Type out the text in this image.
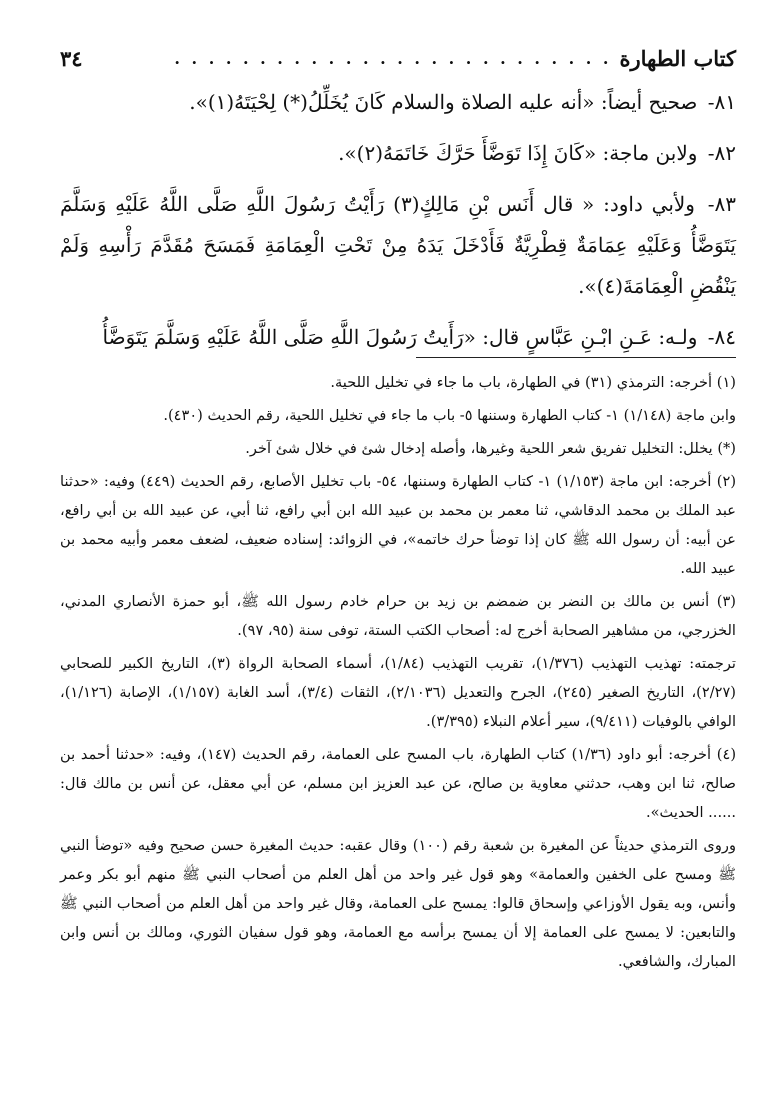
كتاب الطهارة
. . . . . . . . . . . . . . . . . . . . . . . . . .
٣٤

٨١- صحيح أيضاً: «أنه عليه الصلاة والسلام كَانَ يُخَلِّلُ(*) لِحْيَتَهُ(١)».

٨٢- ولابن ماجة: «كَانَ إِذَا تَوَضَّأَ حَرَّكَ خَاتَمَهُ(٢)».

٨٣- ولأبي داود: « قال أَنَس بْنِ مَالِكٍ(٣) رَأَيْتُ رَسُولَ اللَّهِ صَلَّى اللَّهُ عَلَيْهِ وَسَلَّمَ يَتَوَضَّأُ وَعَلَيْهِ عِمَامَةٌ قِطْرِيَّةٌ فَأَدْخَلَ يَدَهُ مِنْ تَحْتِ الْعِمَامَةِ فَمَسَحَ مُقَدَّمَ رَأْسِهِ وَلَمْ يَنْقُضِ الْعِمَامَةَ(٤)».

٨٤- ولـه: عَـنِ ابْـنِ عَبَّاسٍ قال: «رَأَيتُ رَسُولَ اللَّهِ صَلَّى اللَّهُ عَلَيْهِ وَسَلَّمَ يَتَوَضَّأُ

(١) أخرجه: الترمذي (٣١) في الطهارة، باب ما جاء في تخليل اللحية.

وابن ماجة (١/١٤٨) ١- كتاب الطهارة وسننها ٥- باب ما جاء في تخليل اللحية، رقم الحديث (٤٣٠).

(*) يخلل: التخليل تفريق شعر اللحية وغيرها، وأصله إدخال شئ في خلال شئ آخر.

(٢) أخرجه: ابن ماجة (١/١٥٣) ١- كتاب الطهارة وسننها، ٥٤- باب تخليل الأصابع، رقم الحديث (٤٤٩) وفيه: «حدثنا عبد الملك بن محمد الدقاشي، ثنا معمر بن محمد بن عبيد الله ابن أبي رافع، ثنا أبي، عن عبيد الله بن أبي رافع، عن أبيه: أن رسول الله ﷺ كان إذا توضأ حرك خاتمه»، في الزوائد: إسناده ضعيف، لضعف معمر وأبيه محمد بن عبيد الله.

(٣) أنس بن مالك بن النضر بن ضمضم بن زيد بن حرام خادم رسول الله ﷺ، أبو حمزة الأنصاري المدني، الخزرجي، من مشاهير الصحابة أخرج له: أصحاب الكتب الستة، توفى سنة (٩٥، ٩٧).

ترجمته: تهذيب التهذيب (١/٣٧٦)، تقريب التهذيب (١/٨٤)، أسماء الصحابة الرواة (٣)، التاريخ الكبير للصحابي (٢/٢٧)، التاريخ الصغير (٢٤٥)، الجرح والتعديل (٢/١٠٣٦)، الثقات (٣/٤)، أسد الغابة (١/١٥٧)، الإصابة (١/١٢٦)، الوافي بالوفيات (٩/٤١١)، سير أعلام النبلاء (٣/٣٩٥).

(٤) أخرجه: أبو داود (١/٣٦) كتاب الطهارة، باب المسح على العمامة، رقم الحديث (١٤٧)، وفيه: «حدثنا أحمد بن صالح، ثنا ابن وهب، حدثني معاوية بن صالح، عن عبد العزيز ابن مسلم، عن أبي معقل، عن أنس بن مالك قال: ...... الحديث».

وروى الترمذي حديثاً عن المغيرة بن شعبة رقم (١٠٠) وقال عقبه: حديث المغيرة حسن صحيح وفيه «توضأ النبي ﷺ ومسح على الخفين والعمامة» وهو قول غير واحد من أهل العلم من أصحاب النبي ﷺ منهم أبو بكر وعمر وأنس، وبه يقول الأوزاعي وإسحاق قالوا: يمسح على العمامة، وقال غير واحد من أهل العلم من أصحاب النبي ﷺ والتابعين: لا يمسح على العمامة إلا أن يمسح برأسه مع العمامة، وهو قول سفيان الثوري، ومالك بن أنس وابن المبارك، والشافعي.
